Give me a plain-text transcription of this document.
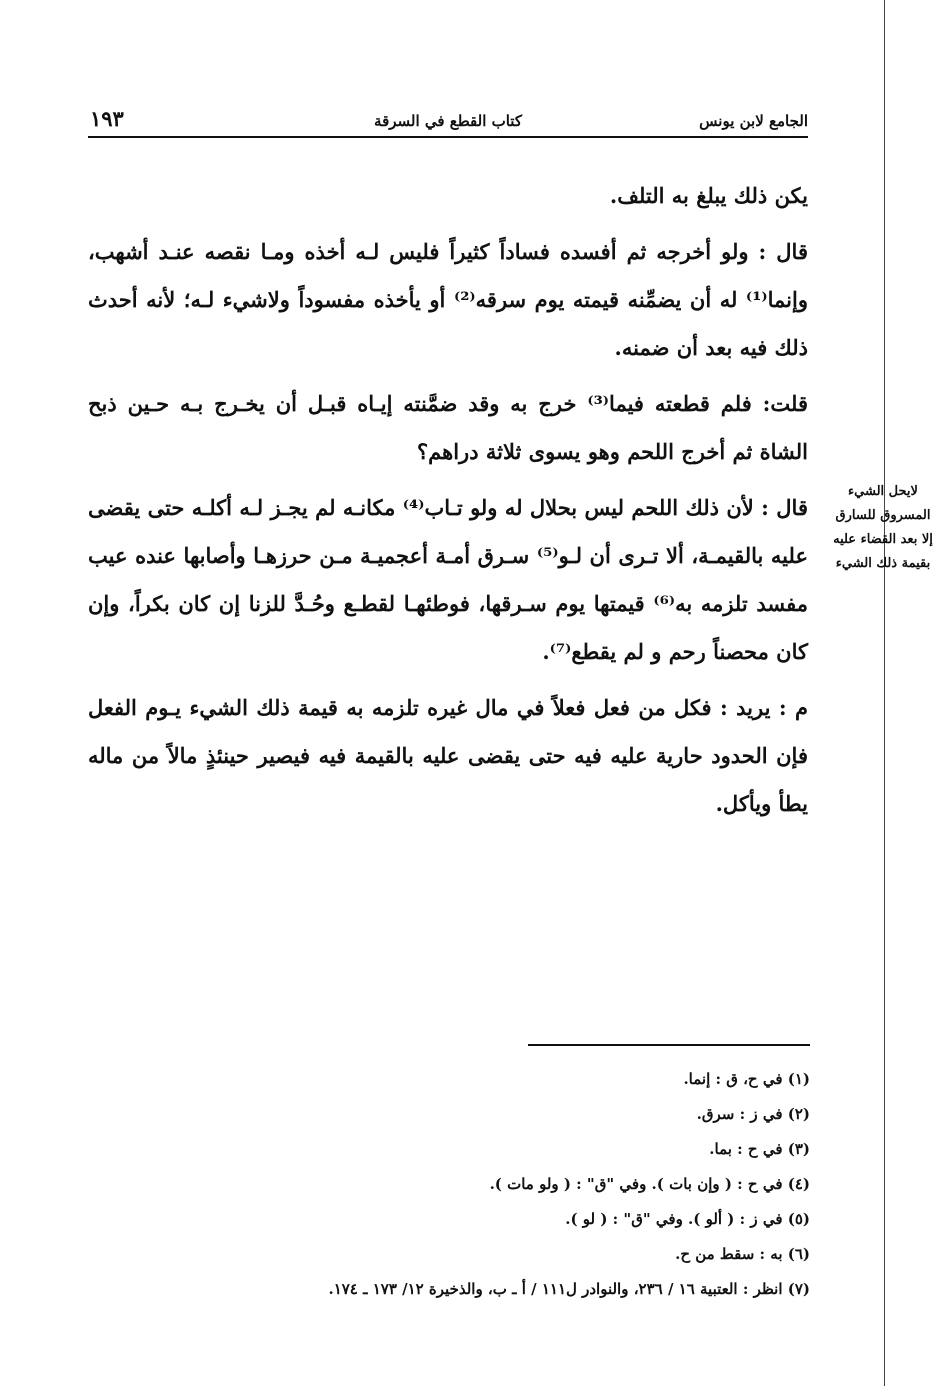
الجامع لابن يونس
كتاب القطع في السرقة
١٩٣

يكن ذلك يبلغ به التلف.

قال : ولو أخرجه ثم أفسده فساداً كثيراً فليس لـه أخذه ومـا نقصه عنـد أشهب، وإنما⁽¹⁾ له أن يضمِّنه قيمته يوم سرقه⁽²⁾ أو يأخذه مفسوداً ولاشيء لـه؛ لأنه أحدث ذلك فيه بعد أن ضمنه.

قلت: فلم قطعته فيما⁽³⁾ خرج به وقد ضمَّنته إيـاه قبـل أن يخـرج بـه حـين ذبح الشاة ثم أخرج اللحم وهو يسوى ثلاثة دراهم؟

قال : لأن ذلك اللحم ليس بحلال له ولو تـاب⁽⁴⁾ مكانـه لم يجـز لـه أكلـه حتى يقضى عليه بالقيمـة، ألا تـرى أن لـو⁽⁵⁾ سـرق أمـة أعجميـة مـن حرزهـا وأصابها عنده عيب مفسد تلزمه به⁽⁶⁾ قيمتها يوم سـرقها، فوطئهـا لقطـع وحُـدَّ للزنا إن كان بكراً، وإن كان محصناً رحم و لم يقطع⁽⁷⁾.

م : يريد : فكل من فعل فعلاً في مال غيره تلزمه به قيمة ذلك الشيء يـوم الفعل فإن الحدود حارية عليه فيه حتى يقضى عليه بالقيمة فيه فيصير حينئذٍ مالاً من ماله يطأ ويأكل.

لايحل الشيء
المسروق للسارق
إلا بعد القضاء عليه
بقيمة ذلك الشيء
(١) في ح، ق : إنما.
(٢) في ز : سرق.
(٣) في ح : بما.
(٤) في ح : ( وإن بات ). وفي "ق" : ( ولو مات ).
(٥) في ز : ( ألو ). وفي "ق" : ( لو ).
(٦) به : سقط من ح.
(٧) انظر : العتبية ١٦ / ٢٣٦، والنوادر ل١١١ / أ ـ ب، والذخيرة ١٢/ ١٧٣ ـ ١٧٤.
